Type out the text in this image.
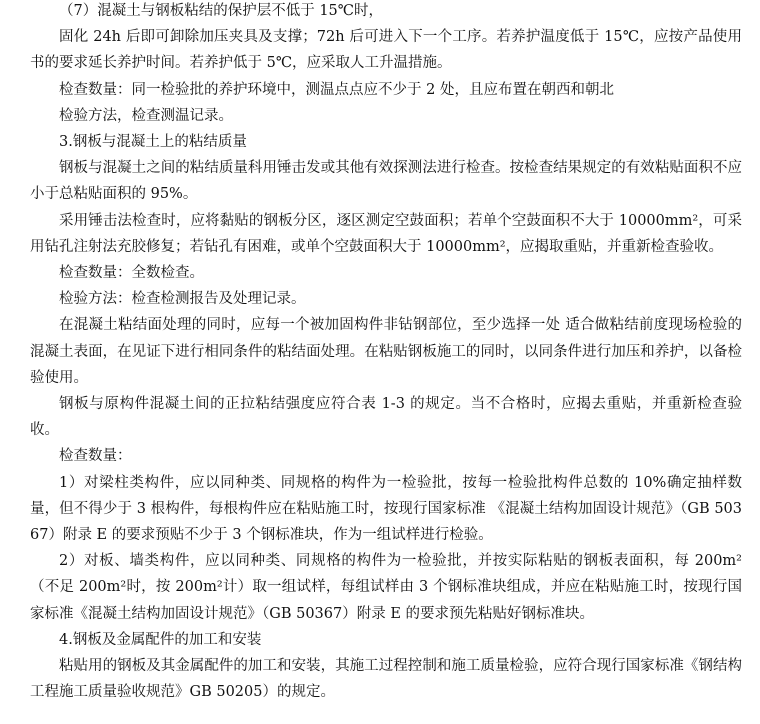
（7）混凝土与钢板粘结的保护层不低于 15℃时，

固化 24h 后即可卸除加压夹具及支撑；72h 后可进入下一个工序。若养护温度低于 15℃，应按产品使用书的要求延长养护时间。若养护低于 5℃，应采取人工升温措施。

检查数量：同一检验批的养护环境中，测温点点应不少于 2 处，且应布置在朝西和朝北

检验方法，检查测温记录。

3.钢板与混凝土上的粘结质量

钢板与混凝土之间的粘结质量科用锤击发或其他有效探测法进行检查。按检查结果规定的有效粘贴面积不应小于总粘贴面积的 95%。

采用锤击法检查时，应将黏贴的钢板分区，逐区测定空鼓面积；若单个空鼓面积不大于 10000mm²，可采用钻孔注射法充胶修复；若钻孔有困难，或单个空鼓面积大于 10000mm²，应揭取重贴，并重新检查验收。

检查数量：全数检查。

检验方法：检查检测报告及处理记录。

在混凝土粘结面处理的同时，应每一个被加固构件非钻钢部位，至少选择一处 适合做粘结前度现场检验的混凝土表面，在见证下进行相同条件的粘结面处理。在粘贴钢板施工的同时，以同条件进行加压和养护，以备检验使用。

钢板与原构件混凝土间的正拉粘结强度应符合表 1-3 的规定。当不合格时，应揭去重贴，并重新检查验收。

检查数量：

1）对梁柱类构件，应以同种类、同规格的构件为一检验批，按每一检验批构件总数的 10%确定抽样数量，但不得少于 3 根构件，每根构件应在粘贴施工时，按现行国家标准 《混凝土结构加固设计规范》（GB 50367）附录 E 的要求预贴不少于 3 个钢标准块，作为一组试样进行检验。

2）对板、墙类构件，应以同种类、同规格的构件为一检验批，并按实际粘贴的钢板表面积，每 200m²（不足 200m²时，按 200m²计）取一组试样，每组试样由 3 个钢标准块组成，并应在粘贴施工时，按现行国家标准《混凝土结构加固设计规范》（GB 50367）附录 E 的要求预先粘贴好钢标准块。

4.钢板及金属配件的加工和安装

粘贴用的钢板及其金属配件的加工和安装，其施工过程控制和施工质量检验，应符合现行国家标准《钢结构工程施工质量验收规范》GB 50205）的规定。
